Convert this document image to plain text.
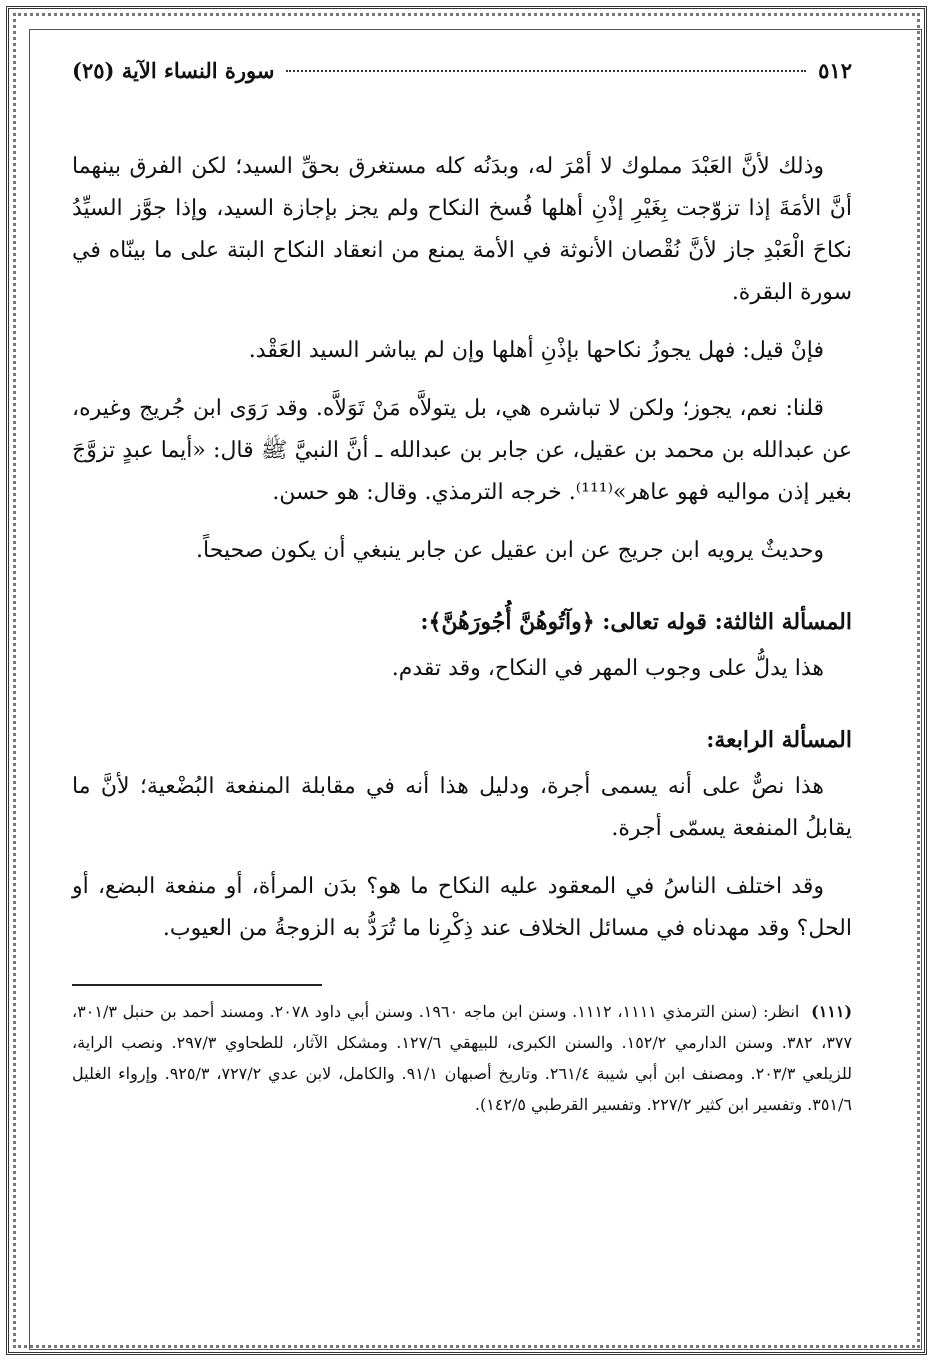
٥١٢
سورة النساء الآية (٢٥)

وذلك لأنَّ العَبْدَ مملوك لا أمْرَ له، وبدَنُه كله مستغرق بحقِّ السيد؛ لكن الفرق بينهما أنَّ الأمَةَ إذا تزوّجت بِغَيْرِ إذْنِ أهلها فُسخ النكاح ولم يجز بإجازة السيد، وإذا جوَّز السيِّدُ نكاحَ الْعَبْدِ جاز لأنَّ نُقْصان الأنوثة في الأمة يمنع من انعقاد النكاح البتة على ما بينّاه في سورة البقرة.

فإنْ قيل: فهل يجوزُ نكاحها بإذْنِ أهلها وإن لم يباشر السيد العَقْد.

قلنا: نعم، يجوز؛ ولكن لا تباشره هي، بل يتولاَّه مَنْ تَوَلاَّه. وقد رَوَى ابن جُريج وغيره، عن عبدالله بن محمد بن عقيل، عن جابر بن عبدالله ـ أنَّ النبيَّ ﷺ قال: «أيما عبدٍ تزوَّجَ بغير إذن مواليه فهو عاهر»⁽¹¹¹⁾. خرجه الترمذي. وقال: هو حسن.

وحديثٌ يرويه ابن جريج عن ابن عقيل عن جابر ينبغي أن يكون صحيحاً.

المسألة الثالثة: قوله تعالى: ﴿وآتُوهُنَّ أُجُورَهُنَّ﴾:

هذا يدلُّ على وجوب المهر في النكاح، وقد تقدم.

المسألة الرابعة:

هذا نصٌّ على أنه يسمى أجرة، ودليل هذا أنه في مقابلة المنفعة البُضْعية؛ لأنَّ ما يقابلُ المنفعة يسمّى أجرة.

وقد اختلف الناسُ في المعقود عليه النكاح ما هو؟ بدَن المرأة، أو منفعة البضع، أو الحل؟ وقد مهدناه في مسائل الخلاف عند ذِكْرِنا ما تُرَدُّ به الزوجةُ من العيوب.

(١١١) انظر: (سنن الترمذي ١١١١، ١١١٢. وسنن ابن ماجه ١٩٦٠. وسنن أبي داود ٢٠٧٨. ومسند أحمد بن حنبل ٣٠١/٣، ٣٧٧، ٣٨٢. وسنن الدارمي ١٥٢/٢. والسنن الكبرى، للبيهقي ١٢٧/٦. ومشكل الآثار، للطحاوي ٢٩٧/٣. ونصب الراية، للزيلعي ٢٠٣/٣. ومصنف ابن أبي شيبة ٢٦١/٤. وتاريخ أصبهان ٩١/١. والكامل، لابن عدي ٧٢٧/٢، ٩٢٥/٣. وإرواء الغليل ٣٥١/٦. وتفسير ابن كثير ٢٢٧/٢. وتفسير القرطبي ١٤٢/٥).
